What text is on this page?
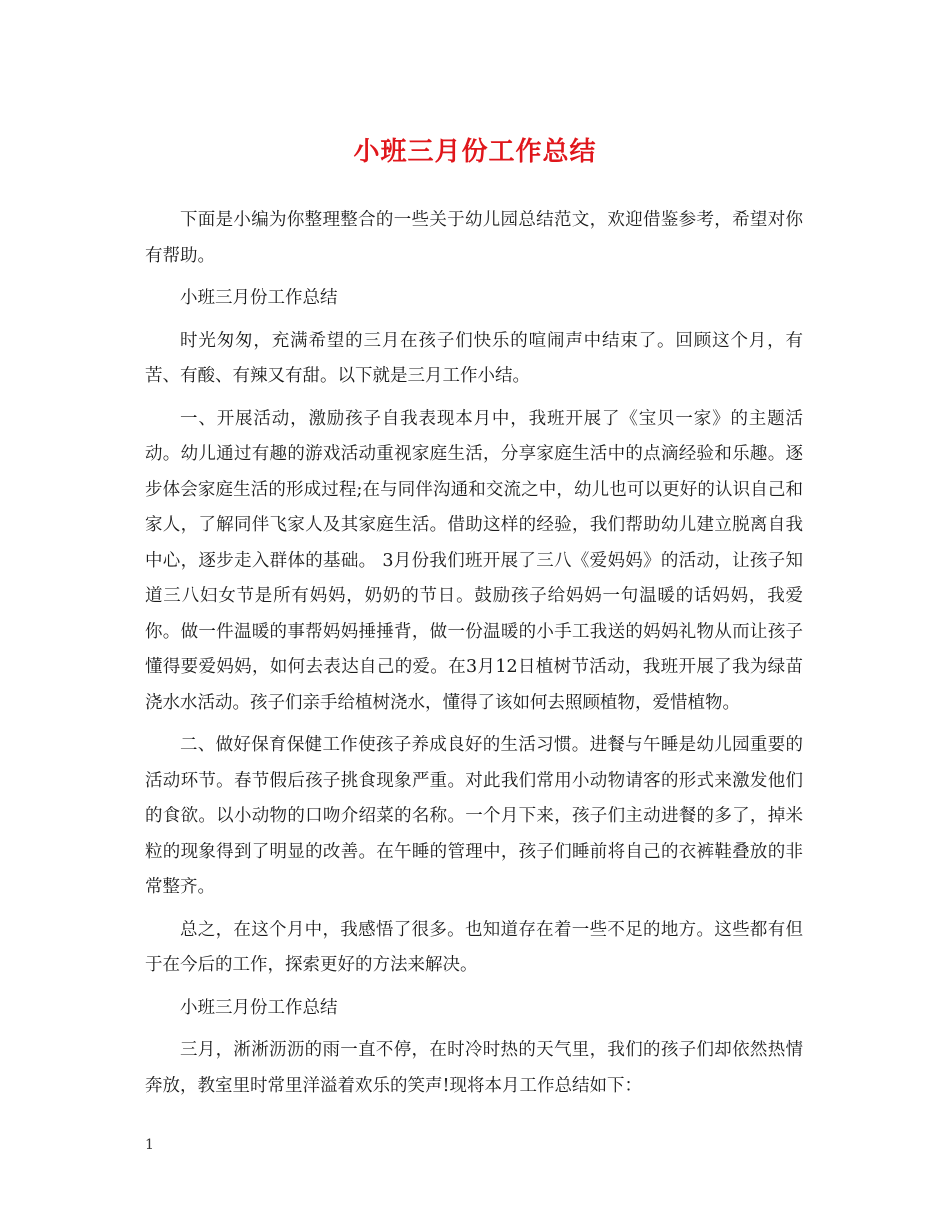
小班三月份工作总结

下面是小编为你整理整合的一些关于幼儿园总结范文，欢迎借鉴参考，希望对你有帮助。

小班三月份工作总结

时光匆匆，充满希望的三月在孩子们快乐的喧闹声中结束了。回顾这个月，有苦、有酸、有辣又有甜。以下就是三月工作小结。

一、开展活动，激励孩子自我表现本月中，我班开展了《宝贝一家》的主题活动。幼儿通过有趣的游戏活动重视家庭生活，分享家庭生活中的点滴经验和乐趣。逐步体会家庭生活的形成过程;在与同伴沟通和交流之中，幼儿也可以更好的认识自己和家人，了解同伴飞家人及其家庭生活。借助这样的经验，我们帮助幼儿建立脱离自我中心，逐步走入群体的基础。 3月份我们班开展了三八《爱妈妈》的活动，让孩子知道三八妇女节是所有妈妈，奶奶的节日。鼓励孩子给妈妈一句温暖的话妈妈，我爱你。做一件温暖的事帮妈妈捶捶背，做一份温暖的小手工我送的妈妈礼物从而让孩子懂得要爱妈妈，如何去表达自己的爱。在3月12日植树节活动，我班开展了我为绿苗浇水水活动。孩子们亲手给植树浇水，懂得了该如何去照顾植物，爱惜植物。

二、做好保育保健工作使孩子养成良好的生活习惯。进餐与午睡是幼儿园重要的活动环节。春节假后孩子挑食现象严重。对此我们常用小动物请客的形式来激发他们的食欲。以小动物的口吻介绍菜的名称。一个月下来，孩子们主动进餐的多了，掉米粒的现象得到了明显的改善。在午睡的管理中，孩子们睡前将自己的衣裤鞋叠放的非常整齐。

总之，在这个月中，我感悟了很多。也知道存在着一些不足的地方。这些都有但于在今后的工作，探索更好的方法来解决。

小班三月份工作总结

三月，淅淅沥沥的雨一直不停，在时冷时热的天气里，我们的孩子们却依然热情奔放，教室里时常里洋溢着欢乐的笑声!现将本月工作总结如下：

1
